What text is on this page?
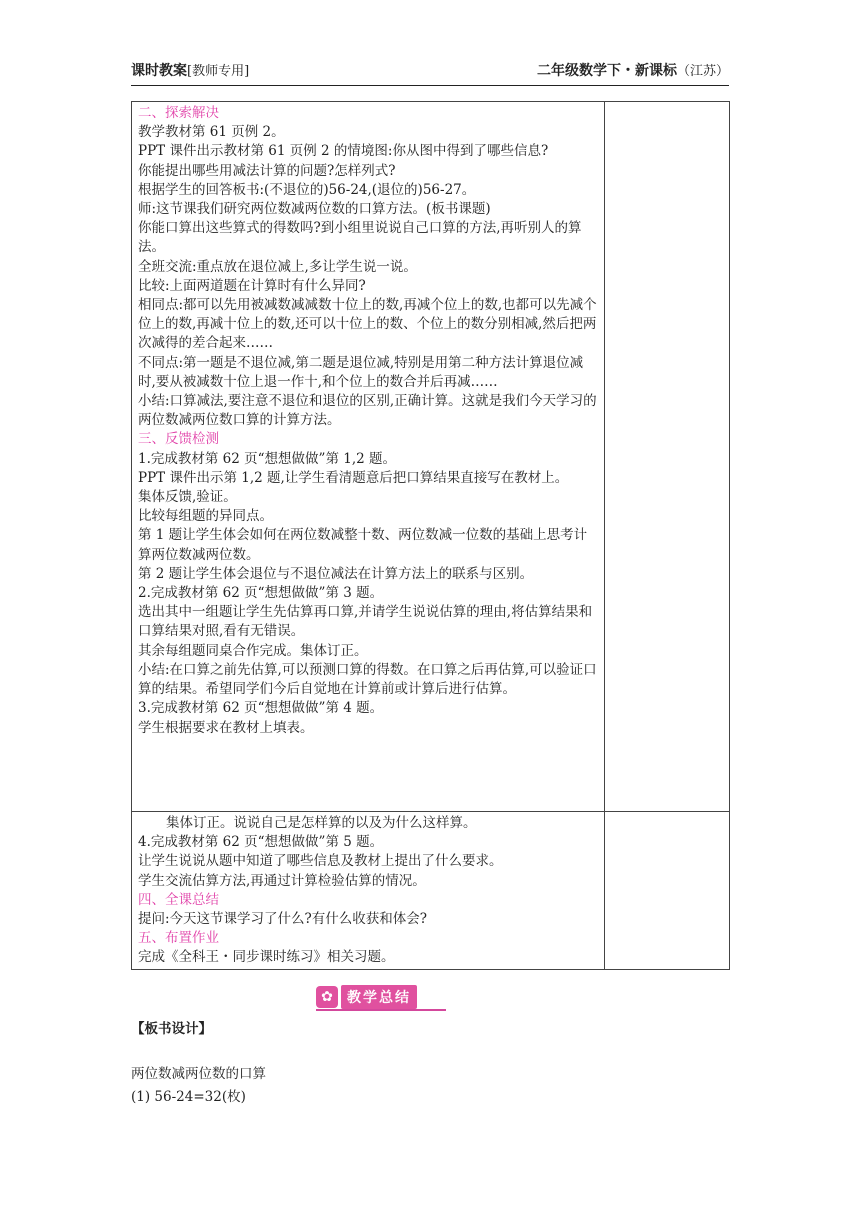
课时教案[教师专用]	二年级数学下・新课标（江苏）
二、探索解决
教学教材第 61 页例 2。
PPT 课件出示教材第 61 页例 2 的情境图:你从图中得到了哪些信息?
你能提出哪些用减法计算的问题?怎样列式?
根据学生的回答板书:(不退位的)56-24,(退位的)56-27。
师:这节课我们研究两位数减两位数的口算方法。(板书课题)
你能口算出这些算式的得数吗?到小组里说说自己口算的方法,再听别人的算法。
全班交流:重点放在退位减上,多让学生说一说。
比较:上面两道题在计算时有什么异同?
相同点:都可以先用被减数减减数十位上的数,再减个位上的数,也都可以先减个位上的数,再减十位上的数,还可以十位上的数、个位上的数分别相减,然后把两次减得的差合起来……
不同点:第一题是不退位减,第二题是退位减,特别是用第二种方法计算退位减时,要从被减数十位上退一作十,和个位上的数合并后再减……
小结:口算减法,要注意不退位和退位的区别,正确计算。这就是我们今天学习的两位数减两位数口算的计算方法。
三、反馈检测
1.完成教材第 62 页“想想做做”第 1,2 题。
PPT 课件出示第 1,2 题,让学生看清题意后把口算结果直接写在教材上。
集体反馈,验证。
比较每组题的异同点。
第 1 题让学生体会如何在两位数减整十数、两位数减一位数的基础上思考计算两位数减两位数。
第 2 题让学生体会退位与不退位减法在计算方法上的联系与区别。
2.完成教材第 62 页“想想做做”第 3 题。
选出其中一组题让学生先估算再口算,并请学生说说估算的理由,将估算结果和口算结果对照,看有无错误。
其余每组题同桌合作完成。集体订正。
小结:在口算之前先估算,可以预测口算的得数。在口算之后再估算,可以验证口算的结果。希望同学们今后自觉地在计算前或计算后进行估算。
3.完成教材第 62 页“想想做做”第 4 题。
学生根据要求在教材上填表。
集体订正。说说自己是怎样算的以及为什么这样算。
4.完成教材第 62 页“想想做做”第 5 题。
让学生说说从题中知道了哪些信息及教材上提出了什么要求。
学生交流估算方法,再通过计算检验估算的情况。
四、全课总结
提问:今天这节课学习了什么?有什么收获和体会?
五、布置作业
完成《全科王・同步课时练习》相关习题。
✿	教学总结
【板书设计】
两位数减两位数的口算
(1) 56-24=32(枚)
